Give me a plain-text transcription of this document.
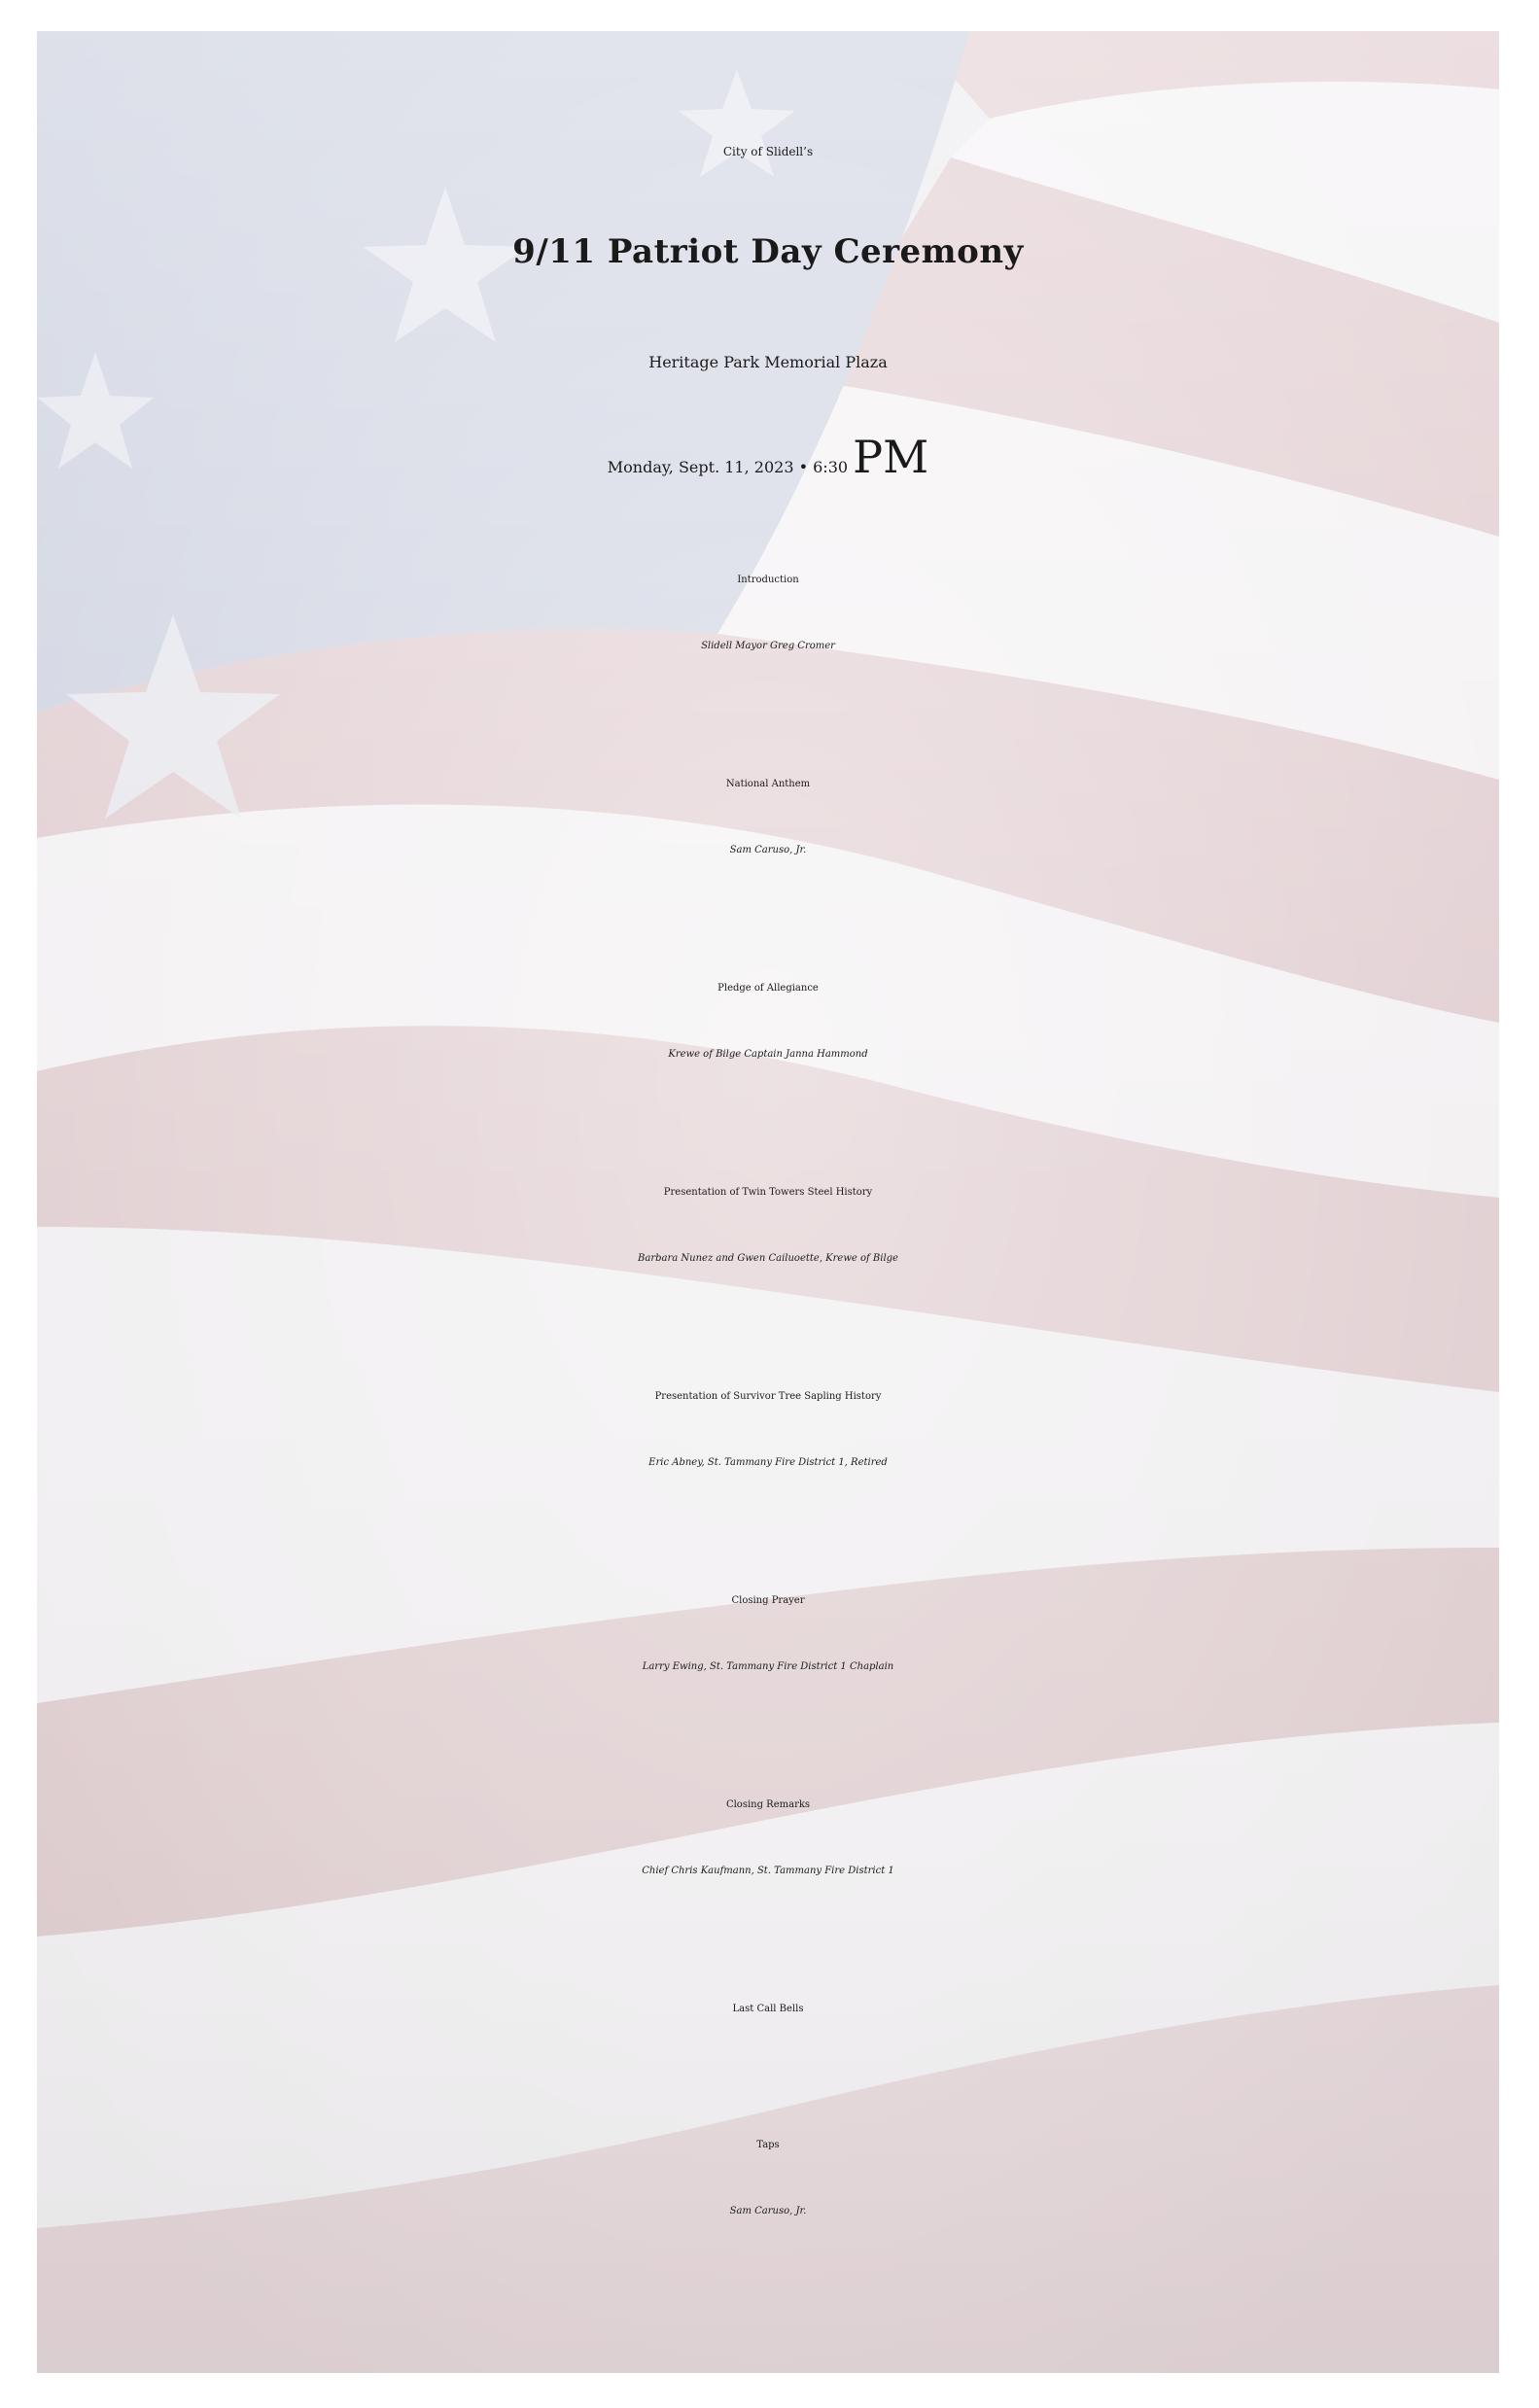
City of Slidell’s
9/11 Patriot Day Ceremony
Heritage Park Memorial Plaza
Monday, Sept. 11, 2023 • 6:30 PM
Introduction
Slidell Mayor Greg Cromer
National Anthem
Sam Caruso, Jr.
Pledge of Allegiance
Krewe of Bilge Captain Janna Hammond
Presentation of Twin Towers Steel History
Barbara Nunez and Gwen Cailuoette, Krewe of Bilge
Presentation of Survivor Tree Sapling History
Eric Abney, St. Tammany Fire District 1, Retired
Closing Prayer
Larry Ewing, St. Tammany Fire District 1 Chaplain
Closing Remarks
Chief Chris Kaufmann, St. Tammany Fire District 1
Last Call Bells
Taps
Sam Caruso, Jr.
